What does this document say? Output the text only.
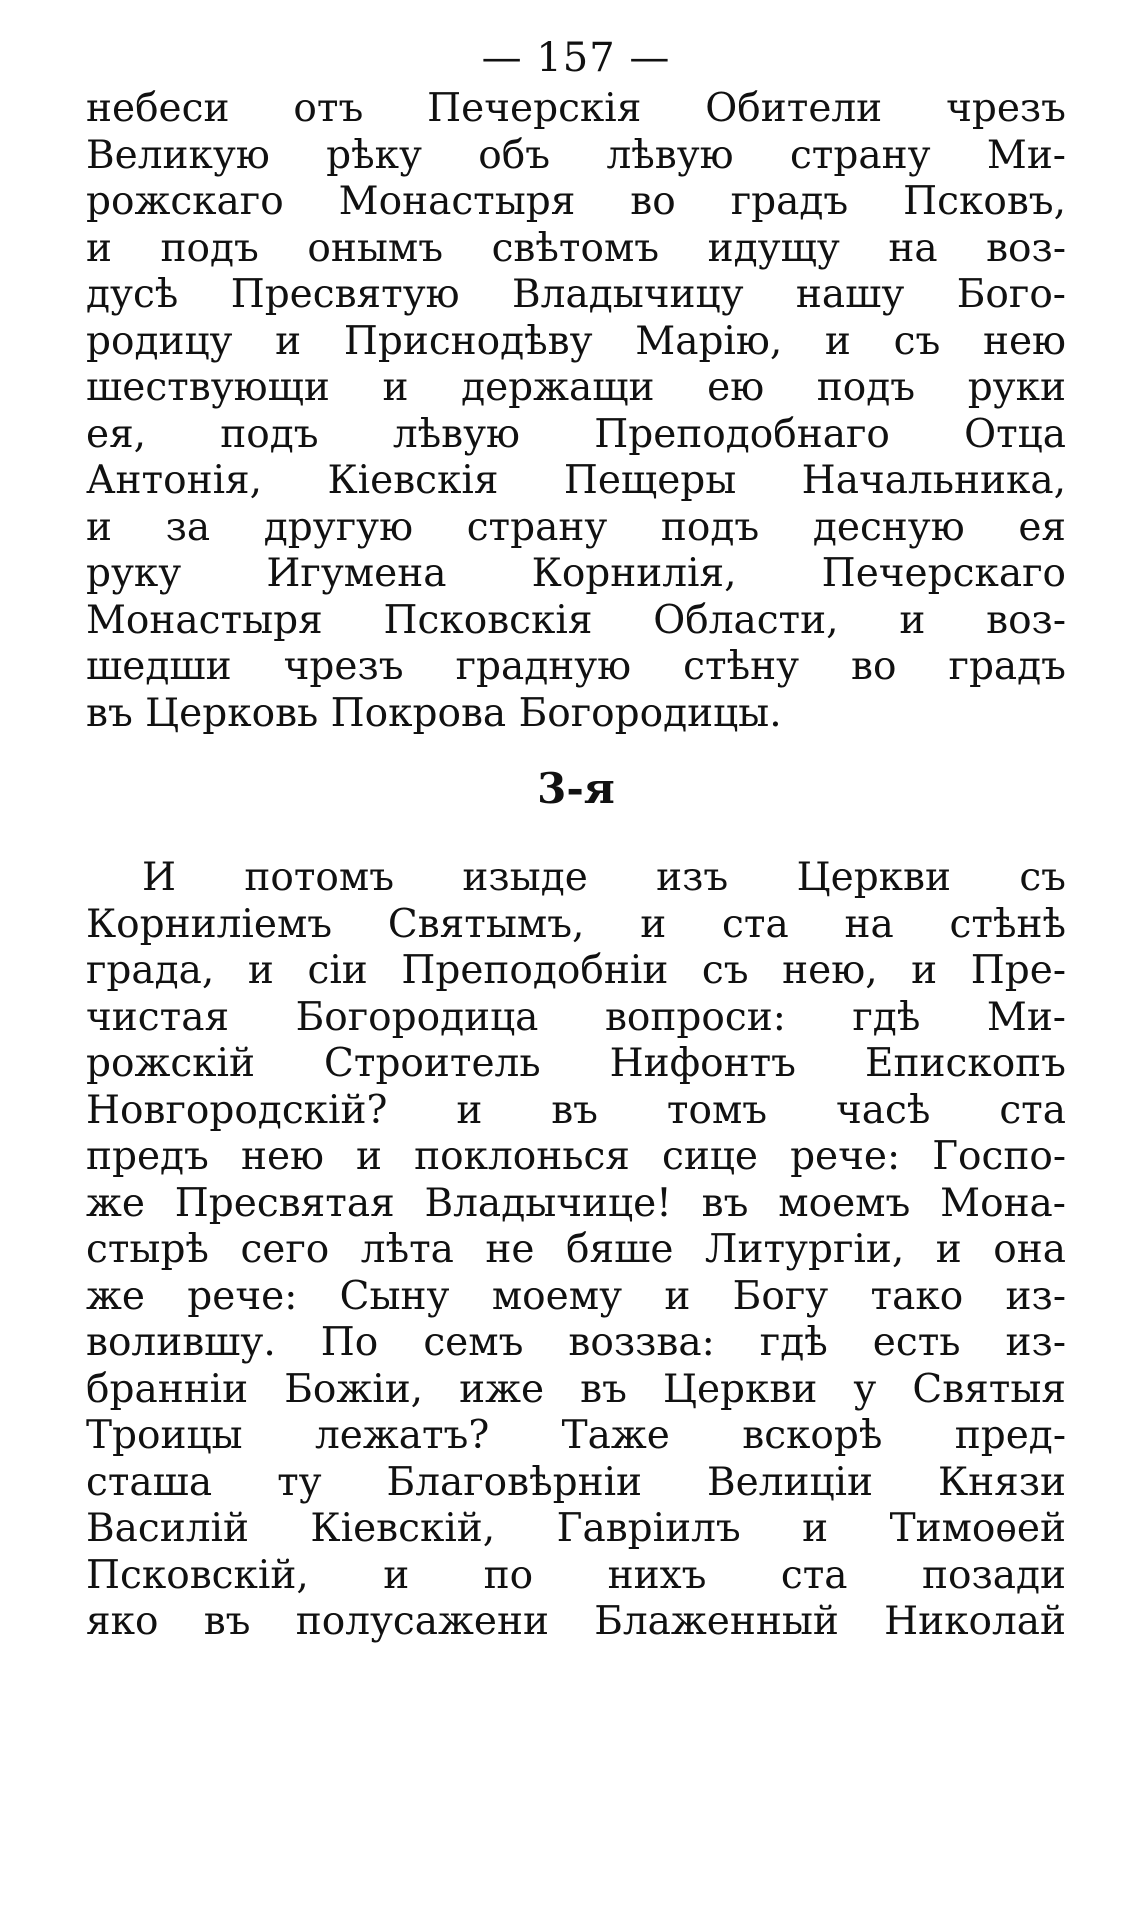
— 157 —
небеси отъ Печерскія Обители чрезъ
Великую рѣку объ лѣвую страну Ми-
рожскаго Монастыря во градъ Псковъ,
и подъ онымъ свѣтомъ идущу на воз-
дусѣ Пресвятую Владычицу нашу Бого-
родицу и Приснодѣву Марію, и съ нею
шествующи и держащи ею подъ руки
ея, подъ лѣвую Преподобнаго Отца
Антонія, Кіевскія Пещеры Начальника,
и за другую страну подъ десную ея
руку Игумена Корнилія, Печерскаго
Монастыря Псковскія Области, и воз-
шедши чрезъ градную стѣну во градъ
въ Церковь Покрова Богородицы.
3-я
И потомъ изыде изъ Церкви съ
Корниліемъ Святымъ, и ста на стѣнѣ
града, и сіи Преподобніи съ нею, и Пре-
чистая Богородица вопроси: гдѣ Ми-
рожскій Строитель Нифонтъ Епископъ
Новгородскій? и въ томъ часѣ ста
предъ нею и поклонься сице рече: Госпо-
же Пресвятая Владычице! въ моемъ Мона-
стырѣ сего лѣта не бяше Литургіи, и она
же рече: Сыну моему и Богу тако из-
волившу. По семъ воззва: гдѣ есть из-
бранніи Божіи, иже въ Церкви у Святыя
Троицы лежатъ? Таже вскорѣ пред-
сташа ту Благовѣрніи Велиціи Князи
Василій Кіевскій, Гавріилъ и Тимоѳей
Псковскій, и по нихъ ста позади
яко въ полусажени Блаженный Николай
